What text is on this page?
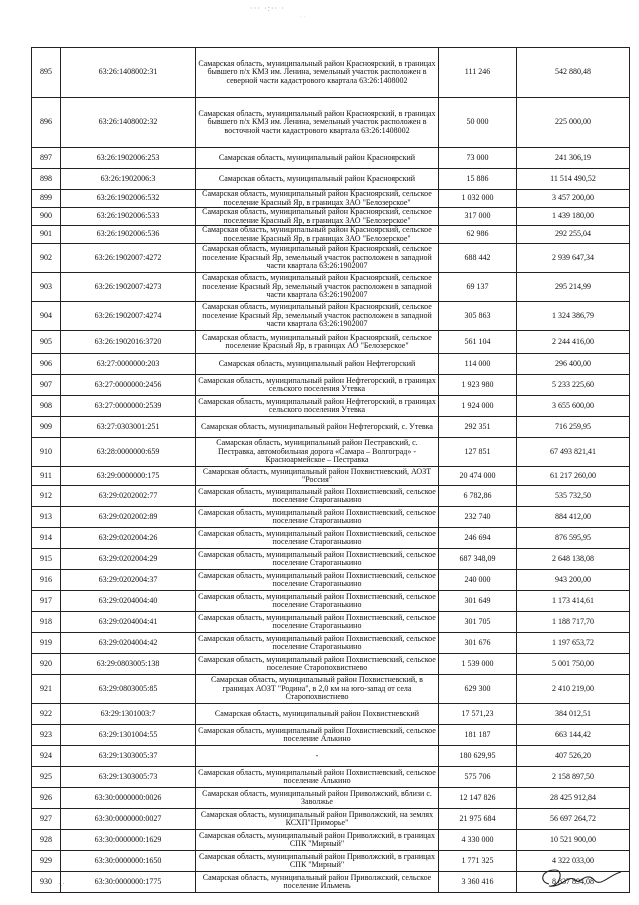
··· ·:·· ·
· ·
895	63:26:1408002:31	Самарская область, муниципальный район Красноярский, в границах бывшего п/х КМЗ им. Ленина, земельный участок расположен в северной части кадастрового квартала 63:26:1408002	111 246	542 880,48
896	63:26:1408002:32	Самарская область, муниципальный район Красноярский, в границах бывшего п/х КМЗ им. Ленина, земельный участок расположен в восточной части кадастрового квартала 63:26:1408002	50 000	225 000,00
897	63:26:1902006:253	Самарская область, муниципальный район Красноярский	73 000	241 306,19
898	63:26:1902006:3	Самарская область, муниципальный район Красноярский	15 886	11 514 490,52
899	63:26:1902006:532	Самарская область, муниципальный район Красноярский, сельское поселение Красный Яр, в границах ЗАО "Белозерское"	1 032 000	3 457 200,00
900	63:26:1902006:533	Самарская область, муниципальный район Красноярский, сельское поселение Красный Яр, в границах ЗАО "Белозерское"	317 000	1 439 180,00
901	63:26:1902006:536	Самарская область, муниципальный район Красноярский, сельское поселение Красный Яр, в границах ЗАО "Белозерское"	62 986	292 255,04
902	63:26:1902007:4272	Самарская область, муниципальный район Красноярский, сельское поселение Красный Яр, земельный участок расположен в западной части квартала 63:26:1902007	688 442	2 939 647,34
903	63:26:1902007:4273	Самарская область, муниципальный район Красноярский, сельское поселение Красный Яр, земельный участок расположен в западной части квартала 63:26:1902007	69 137	295 214,99
904	63:26:1902007:4274	Самарская область, муниципальный район Красноярский, сельское поселение Красный Яр, земельный участок расположен в западной части квартала 63:26:1902007	305 863	1 324 386,79
905	63:26:1902016:3720	Самарская область, муниципальный район Красноярский, сельское поселение Красный Яр, в границах АО "Белозерское"	561 104	2 244 416,00
906	63:27:0000000:203	Самарская область, муниципальный район Нефтегорский	114 000	296 400,00
907	63:27:0000000:2456	Самарская область, муниципальный район Нефтегорский, в границах сельского поселения Утевка	1 923 980	5 233 225,60
908	63:27:0000000:2539	Самарская область, муниципальный район Нефтегорский, в границах сельского поселения Утевка	1 924 000	3 655 600,00
909	63:27:0303001:251	Самарская область, муниципальный район Нефтегорский, с. Утевка	292 351	716 259,95
910	63:28:0000000:659	Самарская область, муниципальный район Пестравский, с. Пестравка, автомобильная дорога «Самара – Волгоград» - Красноармейское – Пестравка	127 851	67 493 821,41
911	63:29:0000000:175	Самарская область, муниципальный район Похвистневский, АОЗТ "Россия"	20 474 000	61 217 260,00
912	63:29:0202002:77	Самарская область, муниципальный район Похвистневский, сельское поселение Староганькино	6 782,86	535 732,50
913	63:29:0202002:89	Самарская область, муниципальный район Похвистневский, сельское поселение Староганькино	232 740	884 412,00
914	63:29:0202004:26	Самарская область, муниципальный район Похвистневский, сельское поселение Староганькино	246 694	876 595,95
915	63:29:0202004:29	Самарская область, муниципальный район Похвистневский, сельское поселение Староганькино	687 348,09	2 648 138,08
916	63:29:0202004:37	Самарская область, муниципальный район Похвистневский, сельское поселение Староганькино	240 000	943 200,00
917	63:29:0204004:40	Самарская область, муниципальный район Похвистневский, сельское поселение Староганькино	301 649	1 173 414,61
918	63:29:0204004:41	Самарская область, муниципальный район Похвистневский, сельское поселение Староганькино	301 705	1 188 717,70
919	63:29:0204004:42	Самарская область, муниципальный район Похвистневский, сельское поселение Староганькино	301 676	1 197 653,72
920	63:29:0803005:138	Самарская область, муниципальный район Похвистневский, сельское поселение Старопохвистнево	1 539 000	5 001 750,00
921	63:29:0803005:85	Самарская область, муниципальный район Похвистневский, в границах АОЗТ "Родина", в 2,0 км на юго-запад от села Старопохвистнево	629 300	2 410 219,00
922	63:29:1301003:7	Самарская область, муниципальный район Похвистневский	17 571,23	384 012,51
923	63:29:1301004:55	Самарская область, муниципальный район Похвистневский, сельское поселение Алькино	181 187	663 144,42
924	63:29:1303005:37	-	180 629,95	407 526,20
925	63:29:1303005:73	Самарская область, муниципальный район Похвистневский, сельское поселение Алькино	575 706	2 158 897,50
926	63:30:0000000:0026	Самарская область, муниципальный район Приволжский, вблизи с. Заволжье	12 147 826	28 425 912,84
927	63:30:0000000:0027	Самарская область, муниципальный район Приволжский, на землях КСХП"Приморье"	21 975 684	56 697 264,72
928	63:30:0000000:1629	Самарская область, муниципальный район Приволжский, в границах СПК "Мирный"	4 330 000	10 521 900,00
929	63:30:0000000:1650	Самарская область, муниципальный район Приволжский, в границах СПК "Мирный"	1 771 325	4 322 033,00
930	63:30:0000000:1775	Самарская область, муниципальный район Приволжский, сельское поселение Ильмень	3 360 416	8 837 894,08
·.·
